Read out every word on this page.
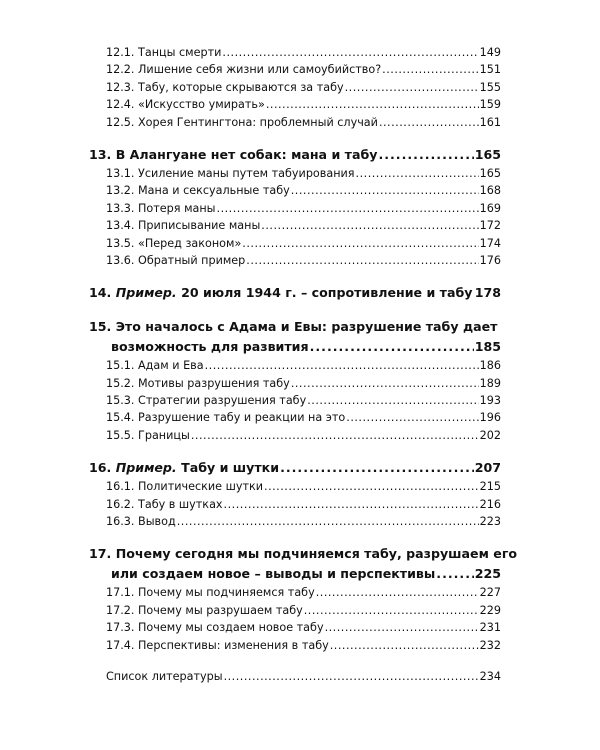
12.1. Танцы смерти .....	149
12.2. Лишение себя жизни или самоубийство? .....	151
12.3. Табу, которые скрываются за табу .....	155
12.4. «Искусство умирать» .....	159
12.5. Хорея Гентингтона: проблемный случай .....	161
13. В Алангуане нет собак: мана и табу .....	165
13.1. Усиление маны путем табуирования .....	165
13.2. Мана и сексуальные табу .....	168
13.3. Потеря маны .....	169
13.4. Приписывание маны .....	172
13.5. «Перед законом» .....	174
13.6. Обратный пример .....	176
14. Пример. 20 июля 1944 г. – сопротивление и табу ..... 178
15. Это началось с Адама и Евы: разрушение табу дает
возможность для развития .....	185
15.1. Адам и Ева .....	186
15.2. Мотивы разрушения табу .....	189
15.3. Стратегии разрушения табу .....	193
15.4. Разрушение табу и реакции на это .....	196
15.5. Границы .....	202
16. Пример. Табу и шутки .....	207
16.1. Политические шутки .....	215
16.2. Табу в шутках .....	216
16.3. Вывод .....	223
17. Почему сегодня мы подчиняемся табу, разрушаем его
или создаем новое – выводы и перспективы .....	225
17.1. Почему мы подчиняемся табу .....	227
17.2. Почему мы разрушаем табу .....	229
17.3. Почему мы создаем новое табу .....	231
17.4. Перспективы: изменения в табу .....	232
Список литературы .....	234
